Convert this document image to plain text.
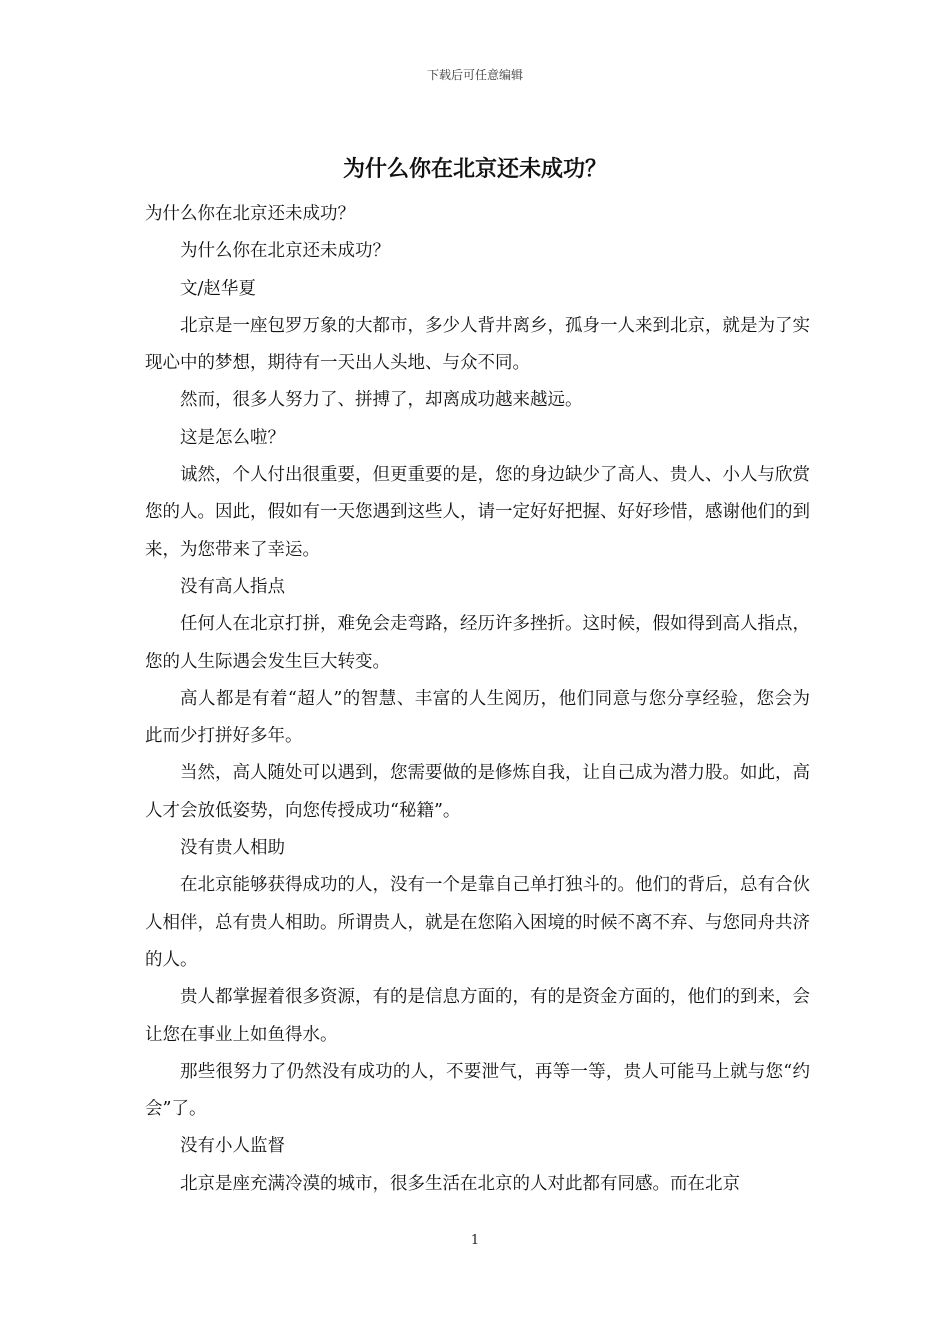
下载后可任意编辑
为什么你在北京还未成功？

为什么你在北京还未成功？

为什么你在北京还未成功？

文/赵华夏

北京是一座包罗万象的大都市，多少人背井离乡，孤身一人来到北京，就是为了实现心中的梦想，期待有一天出人头地、与众不同。

然而，很多人努力了、拼搏了，却离成功越来越远。

这是怎么啦？

诚然，个人付出很重要，但更重要的是，您的身边缺少了高人、贵人、小人与欣赏您的人。因此，假如有一天您遇到这些人，请一定好好把握、好好珍惜，感谢他们的到来，为您带来了幸运。

没有高人指点

任何人在北京打拼，难免会走弯路，经历许多挫折。这时候，假如得到高人指点，您的人生际遇会发生巨大转变。

高人都是有着“超人”的智慧、丰富的人生阅历，他们同意与您分享经验，您会为此而少打拼好多年。

当然，高人随处可以遇到，您需要做的是修炼自我，让自己成为潜力股。如此，高人才会放低姿势，向您传授成功“秘籍”。

没有贵人相助

在北京能够获得成功的人，没有一个是靠自己单打独斗的。他们的背后，总有合伙人相伴，总有贵人相助。所谓贵人，就是在您陷入困境的时候不离不弃、与您同舟共济的人。

贵人都掌握着很多资源，有的是信息方面的，有的是资金方面的，他们的到来，会让您在事业上如鱼得水。

那些很努力了仍然没有成功的人，不要泄气，再等一等，贵人可能马上就与您“约会”了。

没有小人监督

北京是座充满冷漠的城市，很多生活在北京的人对此都有同感。而在北京

1
